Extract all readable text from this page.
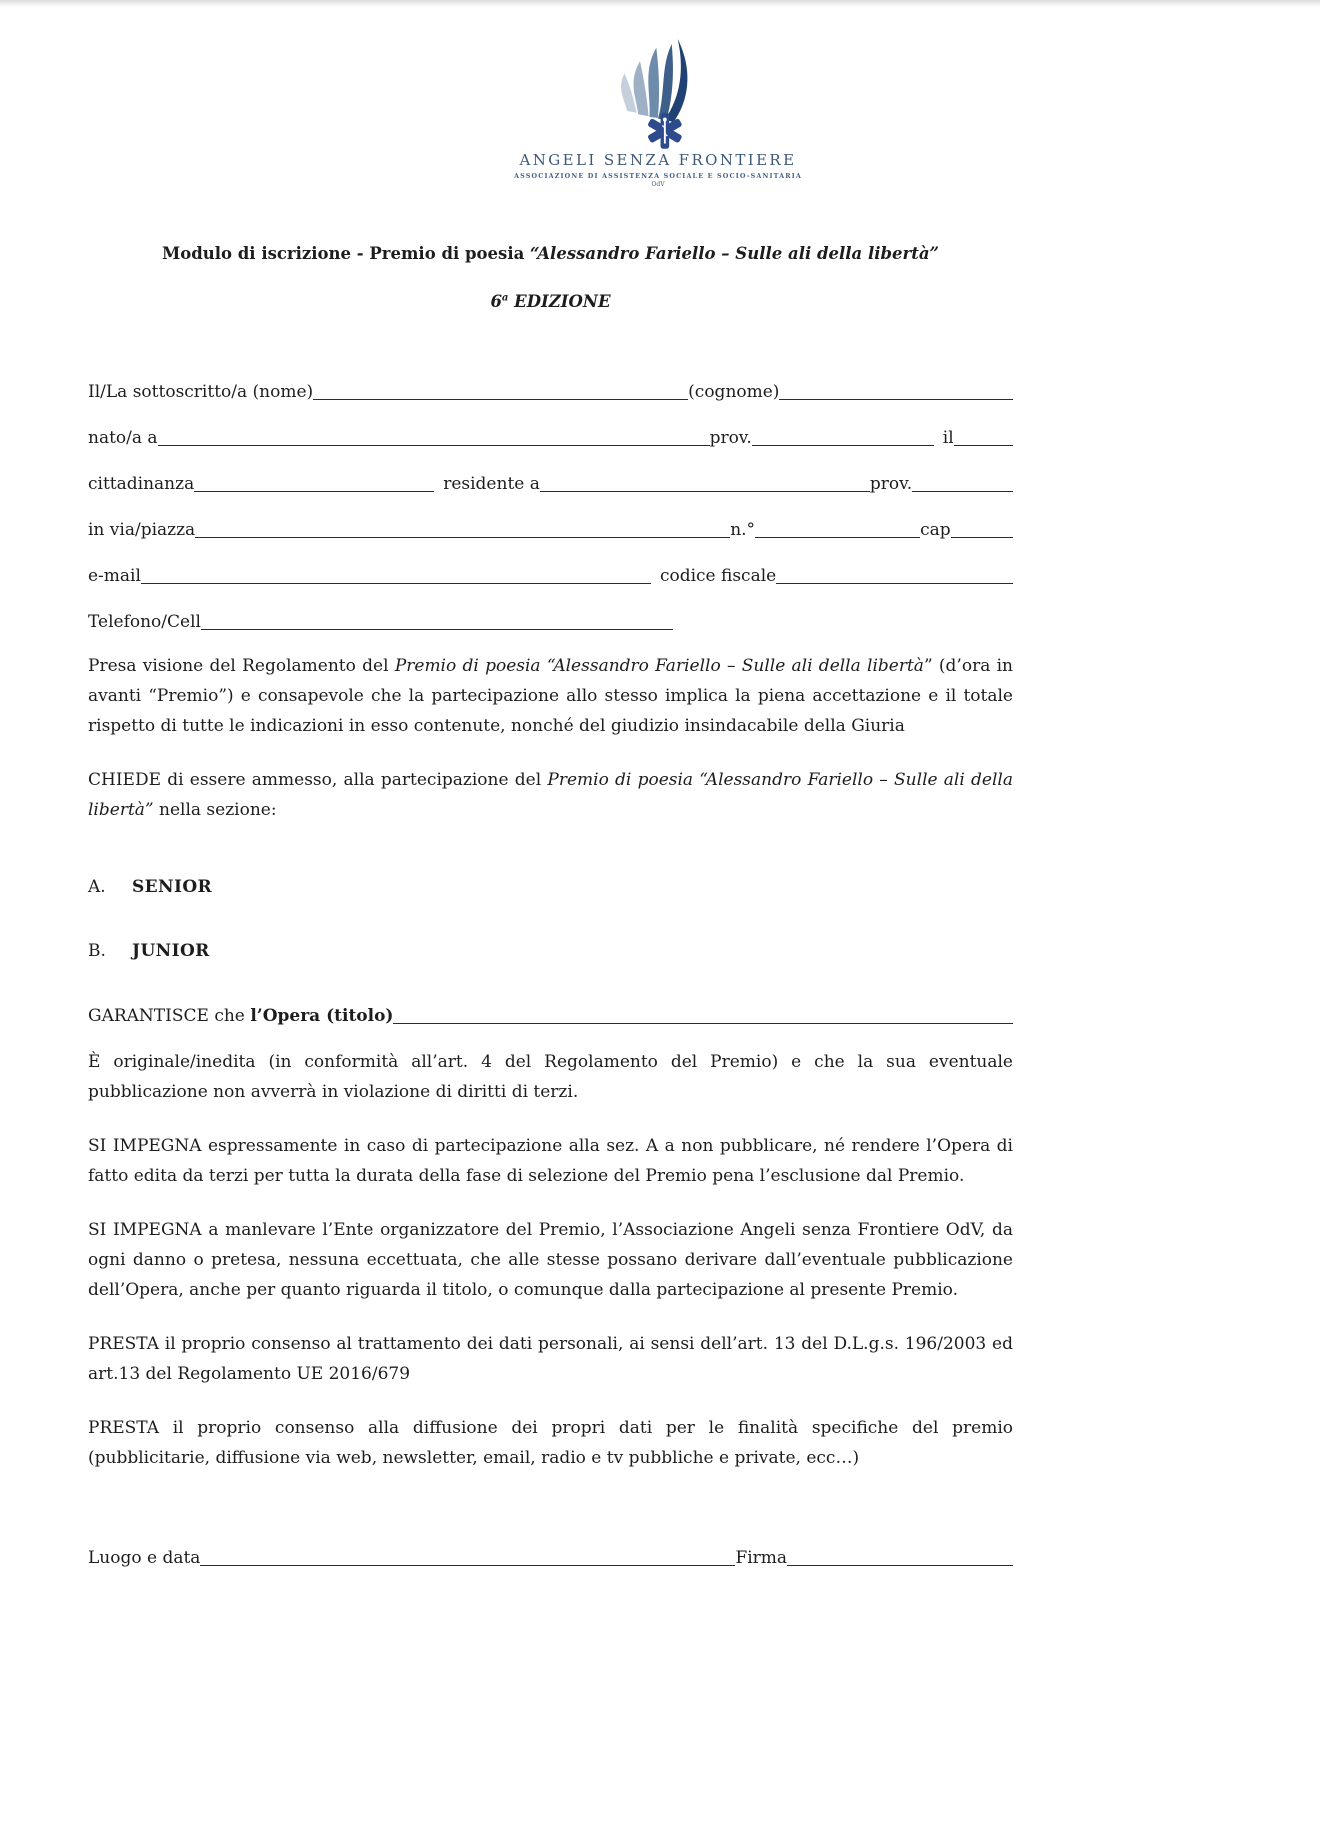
ANGELI SENZA FRONTIERE
ASSOCIAZIONE DI ASSISTENZA SOCIALE E SOCIO-SANITARIA
OdV
Modulo di iscrizione - Premio di poesia “Alessandro Fariello – Sulle ali della libertà”
6$^a$ EDIZIONE
Il/La sottoscritto/a (nome)	(cognome)
nato/a a	prov.	il
cittadinanza	residente a	prov.
in via/piazza	n.°	cap
e-mail	codice fiscale
Telefono/Cell

Presa visione del Regolamento del Premio di poesia “Alessandro Fariello – Sulle ali della libertà” (d’ora in avanti “Premio”) e consapevole che la partecipazione allo stesso implica la piena accettazione e il totale rispetto di tutte le indicazioni in esso contenute, nonché del giudizio insindacabile della Giuria

CHIEDE di essere ammesso, alla partecipazione del Premio di poesia “Alessandro Fariello – Sulle ali della libertà” nella sezione:

A.	SENIOR
B.	JUNIOR
GARANTISCE che l’Opera (titolo)

È originale/inedita (in conformità all’art. 4 del Regolamento del Premio) e che la sua eventuale pubblicazione non avverrà in violazione di diritti di terzi.

SI IMPEGNA espressamente in caso di partecipazione alla sez. A a non pubblicare, né rendere l’Opera di fatto edita da terzi per tutta la durata della fase di selezione del Premio pena l’esclusione dal Premio.

SI IMPEGNA a manlevare l’Ente organizzatore del Premio, l’Associazione Angeli senza Frontiere OdV, da ogni danno o pretesa, nessuna eccettuata, che alle stesse possano derivare dall’eventuale pubblicazione dell’Opera, anche per quanto riguarda il titolo, o comunque dalla partecipazione al presente Premio.

PRESTA il proprio consenso al trattamento dei dati personali, ai sensi dell’art. 13 del D.L.g.s. 196/2003 ed art.13 del Regolamento UE 2016/679

PRESTA il proprio consenso alla diffusione dei propri dati per le finalità specifiche del premio (pubblicitarie, diffusione via web, newsletter, email, radio e tv pubbliche e private, ecc…)

Luogo e data	Firma
